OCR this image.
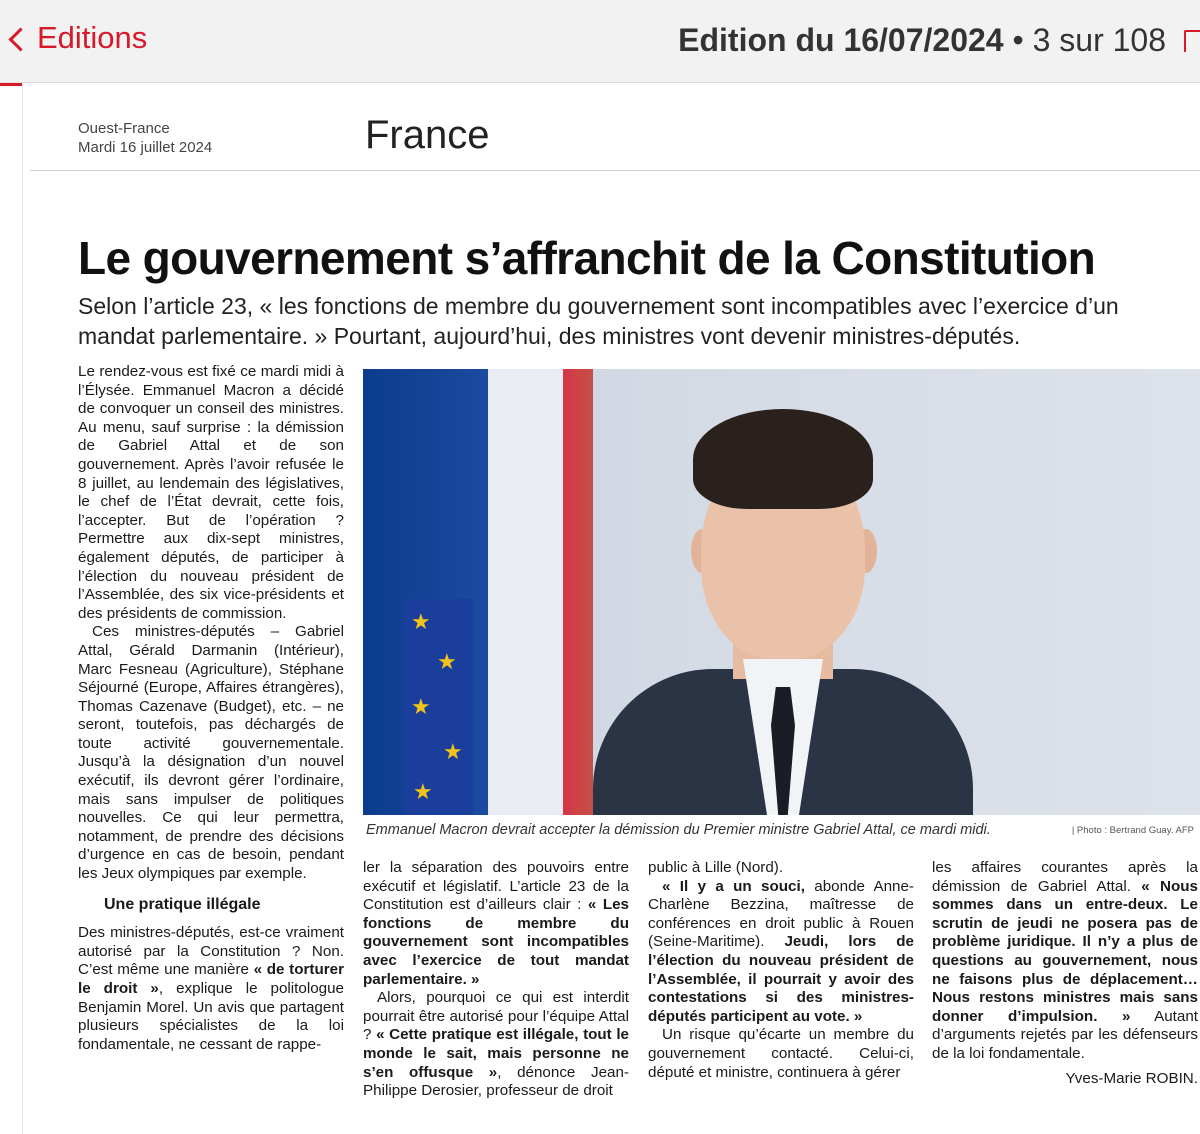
Editions	Edition du 16/07/2024 • 3 sur 108
Ouest-France
Mardi 16 juillet 2024	France
Le gouvernement s’affranchit de la Constitution
Selon l’article 23, « les fonctions de membre du gouvernement sont incompatibles avec l’exercice d’un mandat parlementaire. » Pourtant, aujourd’hui, des ministres vont devenir ministres-députés.

Le rendez-vous est fixé ce mardi midi à l’Élysée. Emmanuel Macron a décidé de convoquer un conseil des ministres. Au menu, sauf surprise : la démission de Gabriel Attal et de son gouvernement. Après l’avoir refusée le 8 juillet, au lendemain des législatives, le chef de l’État devrait, cette fois, l’accepter. But de l’opération ? Permettre aux dix-sept ministres, également députés, de participer à l’élection du nouveau président de l’Assemblée, des six vice-présidents et des présidents de commission.

Ces ministres-députés – Gabriel Attal, Gérald Darmanin (Intérieur), Marc Fesneau (Agriculture), Stéphane Séjourné (Europe, Affaires étrangères), Thomas Cazenave (Budget), etc. – ne seront, toutefois, pas déchargés de toute activité gouvernementale. Jusqu’à la désignation d’un nouvel exécutif, ils devront gérer l’ordinaire, mais sans impulser de politiques nouvelles. Ce qui leur permettra, notamment, de prendre des décisions d’urgence en cas de besoin, pendant les Jeux olympiques par exemple.

Une pratique illégale

Des ministres-députés, est-ce vraiment autorisé par la Constitution ? Non. C’est même une manière « de torturer le droit », explique le politologue Benjamin Morel. Un avis que partagent plusieurs spécialistes de la loi fondamentale, ne cessant de rappe-

★
★
★
★
★
Emmanuel Macron devrait accepter la démission du Premier ministre Gabriel Attal, ce mardi midi.	| Photo : Bertrand Guay. AFP

ler la séparation des pouvoirs entre exécutif et législatif. L’article 23 de la Constitution est d’ailleurs clair : « Les fonctions de membre du gouvernement sont incompatibles avec l’exercice de tout mandat parlementaire. »

Alors, pourquoi ce qui est interdit pourrait être autorisé pour l’équipe Attal ? « Cette pratique est illégale, tout le monde le sait, mais personne ne s’en offusque », dénonce Jean-Philippe Derosier, professeur de droit

public à Lille (Nord).

« Il y a un souci, abonde Anne-Charlène Bezzina, maîtresse de conférences en droit public à Rouen (Seine-Maritime). Jeudi, lors de l’élection du nouveau président de l’Assemblée, il pourrait y avoir des contestations si des ministres-députés participent au vote. »

Un risque qu’écarte un membre du gouvernement contacté. Celui-ci, député et ministre, continuera à gérer

les affaires courantes après la démission de Gabriel Attal. « Nous sommes dans un entre-deux. Le scrutin de jeudi ne posera pas de problème juridique. Il n’y a plus de questions au gouvernement, nous ne faisons plus de déplacement… Nous restons ministres mais sans donner d’impulsion. » Autant d’arguments rejetés par les défenseurs de la loi fondamentale.

Yves-Marie ROBIN.
